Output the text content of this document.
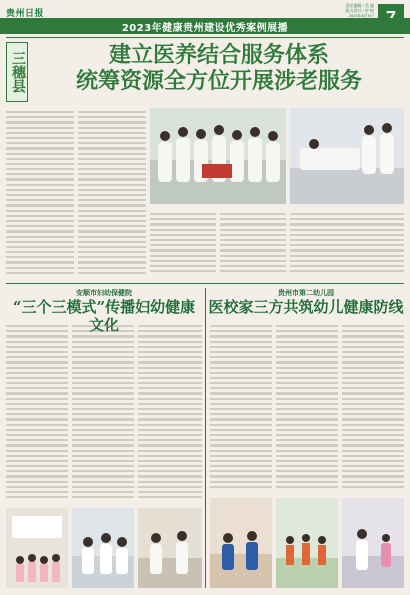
贵州日报
责任编辑 / 美 编
版式设计 / 审 校
2024年8月5日
2023年健康贵州建设优秀案例展播
三穗县	建立医养结合服务体系
统筹资源全方位开展涉老服务
安顺市妇幼保健院
“三个三模式”传播妇幼健康文化
贵州市第二幼儿园
医校家三方共筑幼儿健康防线
